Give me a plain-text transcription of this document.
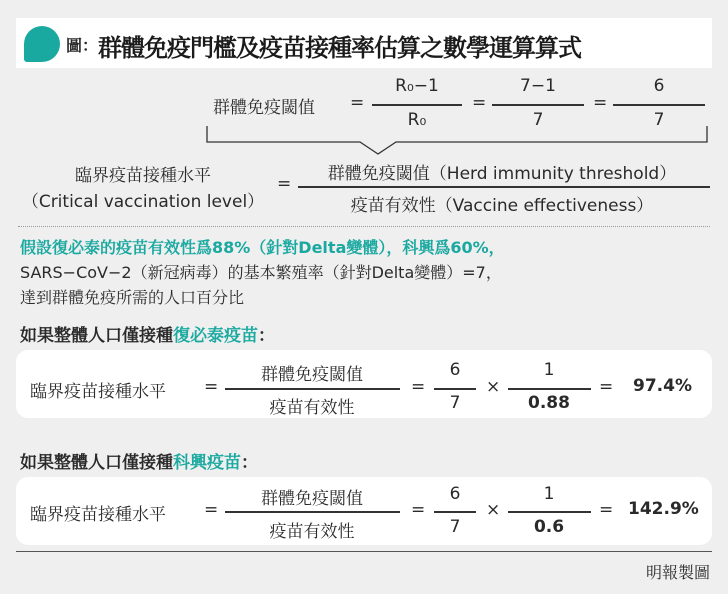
圖： 群體免疫門檻及疫苗接種率估算之數學運算算式
群體免疫閾值 =
R₀−1
R₀
=
7−1
7
=
6
7
臨界疫苗接種水平
（Critical vaccination level）
= 群體免疫閾值（Herd immunity threshold）
疫苗有效性（Vaccine effectiveness）
假設復必泰的疫苗有效性爲88%（針對Delta變體），科興爲60%，
SARS−CoV−2（新冠病毒）的基本繁殖率（針對Delta變體）=7，
達到群體免疫所需的人口百分比
如果整體人口僅接種復必泰疫苗：
臨界疫苗接種水平 =
群體免疫閾值
疫苗有效性
=
6
7
×
1
0.88
= 97.4%
如果整體人口僅接種科興疫苗：
臨界疫苗接種水平 =
群體免疫閾值
疫苗有效性
=
6
7
×
1
0.6
= 142.9%
明報製圖
